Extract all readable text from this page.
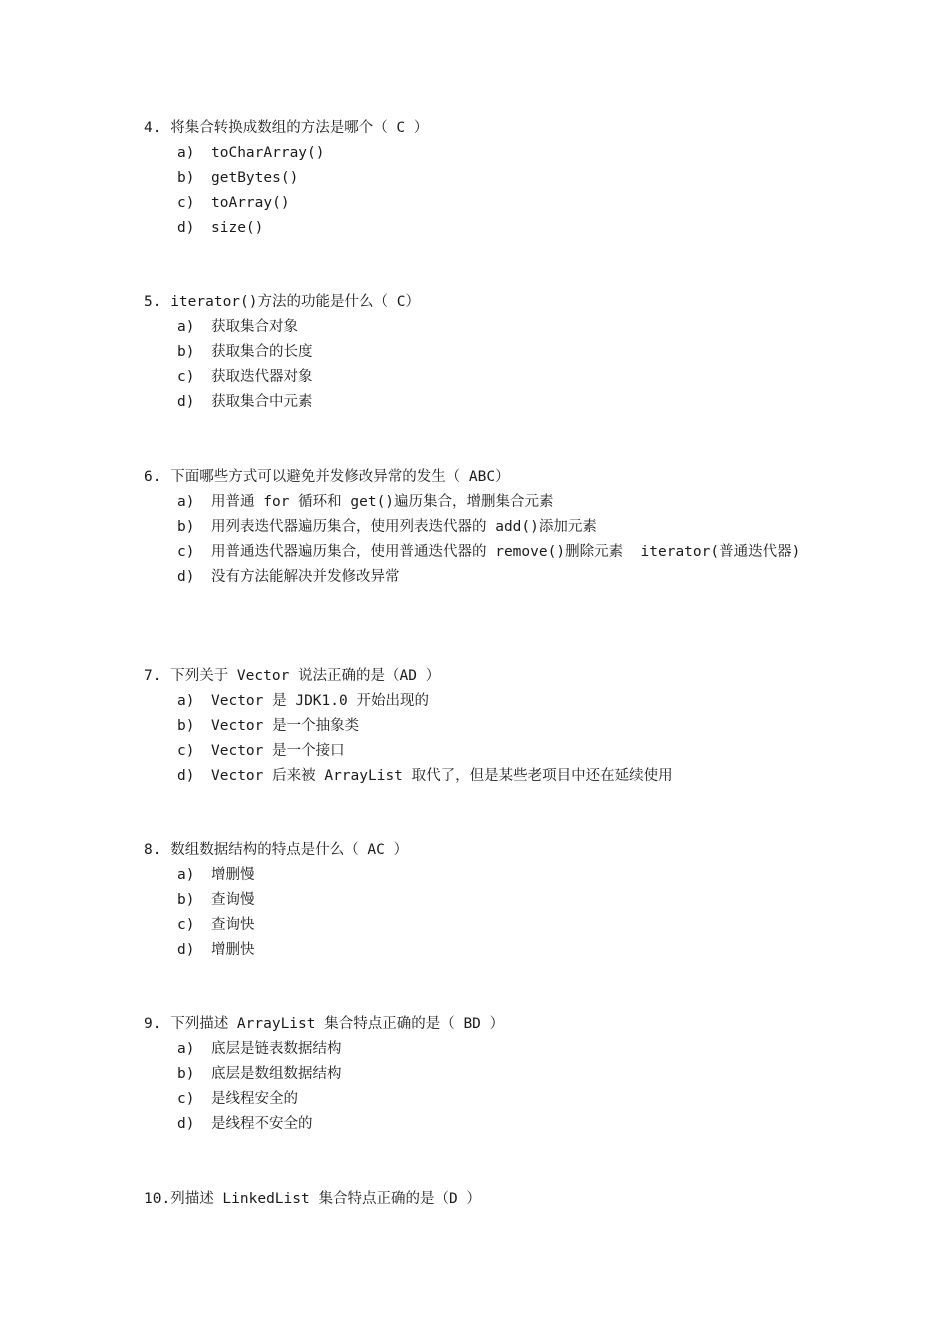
4. 将集合转换成数组的方法是哪个（ C ）
a)	toCharArray()
b)	getBytes()
c)	toArray()
d)	size()
5. iterator()方法的功能是什么（ C）
a)	获取集合对象
b)	获取集合的长度
c)	获取迭代器对象
d)	获取集合中元素
6. 下面哪些方式可以避免并发修改异常的发生（ ABC）
a)	用普通 for 循环和 get()遍历集合，增删集合元素
b)	用列表迭代器遍历集合，使用列表迭代器的 add()添加元素
c)	用普通迭代器遍历集合，使用普通迭代器的 remove()删除元素  iterator(普通迭代器)
d)	没有方法能解决并发修改异常
7. 下列关于 Vector 说法正确的是（AD ）
a)	Vector 是 JDK1.0 开始出现的
b)	Vector 是一个抽象类
c)	Vector 是一个接口
d)	Vector 后来被 ArrayList 取代了，但是某些老项目中还在延续使用
8. 数组数据结构的特点是什么（ AC ）
a)	增删慢
b)	查询慢
c)	查询快
d)	增删快
9. 下列描述 ArrayList 集合特点正确的是（ BD ）
a)	底层是链表数据结构
b)	底层是数组数据结构
c)	是线程安全的
d)	是线程不安全的
10.列描述 LinkedList 集合特点正确的是（D ）
